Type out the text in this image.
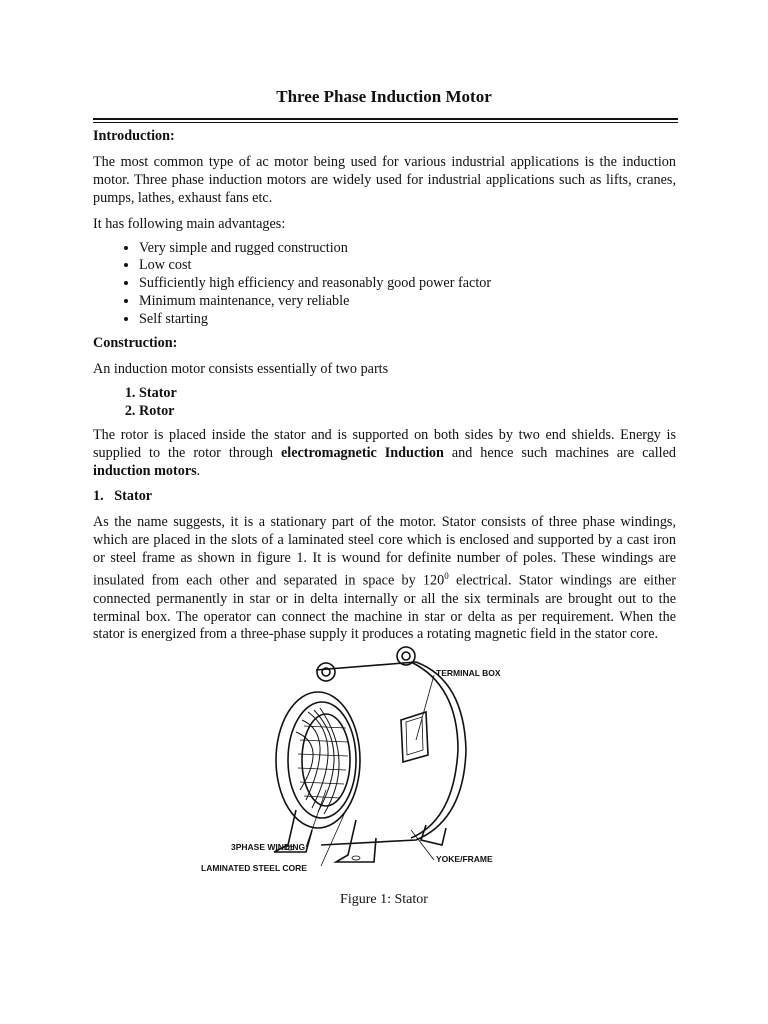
Three Phase Induction Motor

Introduction:

The most common type of ac motor being used for various industrial applications is the induction motor. Three phase induction motors are widely used for industrial applications such as lifts, cranes, pumps, lathes, exhaust fans etc.

It has following main advantages:

• Very simple and rugged construction
• Low cost
• Sufficiently high efficiency and reasonably good power factor
• Minimum maintenance, very reliable
• Self starting

Construction:

An induction motor consists essentially of two parts

1. Stator
2. Rotor

The rotor is placed inside the stator and is supported on both sides by two end shields. Energy is supplied to the rotor through electromagnetic Induction and hence such machines are called induction motors.

1. Stator

As the name suggests, it is a stationary part of the motor. Stator consists of three phase windings, which are placed in the slots of a laminated steel core which is enclosed and supported by a cast iron or steel frame as shown in figure 1. It is wound for definite number of poles. These windings are insulated from each other and separated in space by $120^0$ electrical. Stator windings are either connected permanently in star or in delta internally or all the six terminals are brought out to the terminal box. The operator can connect the machine in star or delta as per requirement. When the stator is energized from a three-phase supply it produces a rotating magnetic field in the stator core.

TERMINAL BOX
3PHASE WINDING
LAMINATED STEEL CORE
YOKE/FRAME
Figure 1: Stator
